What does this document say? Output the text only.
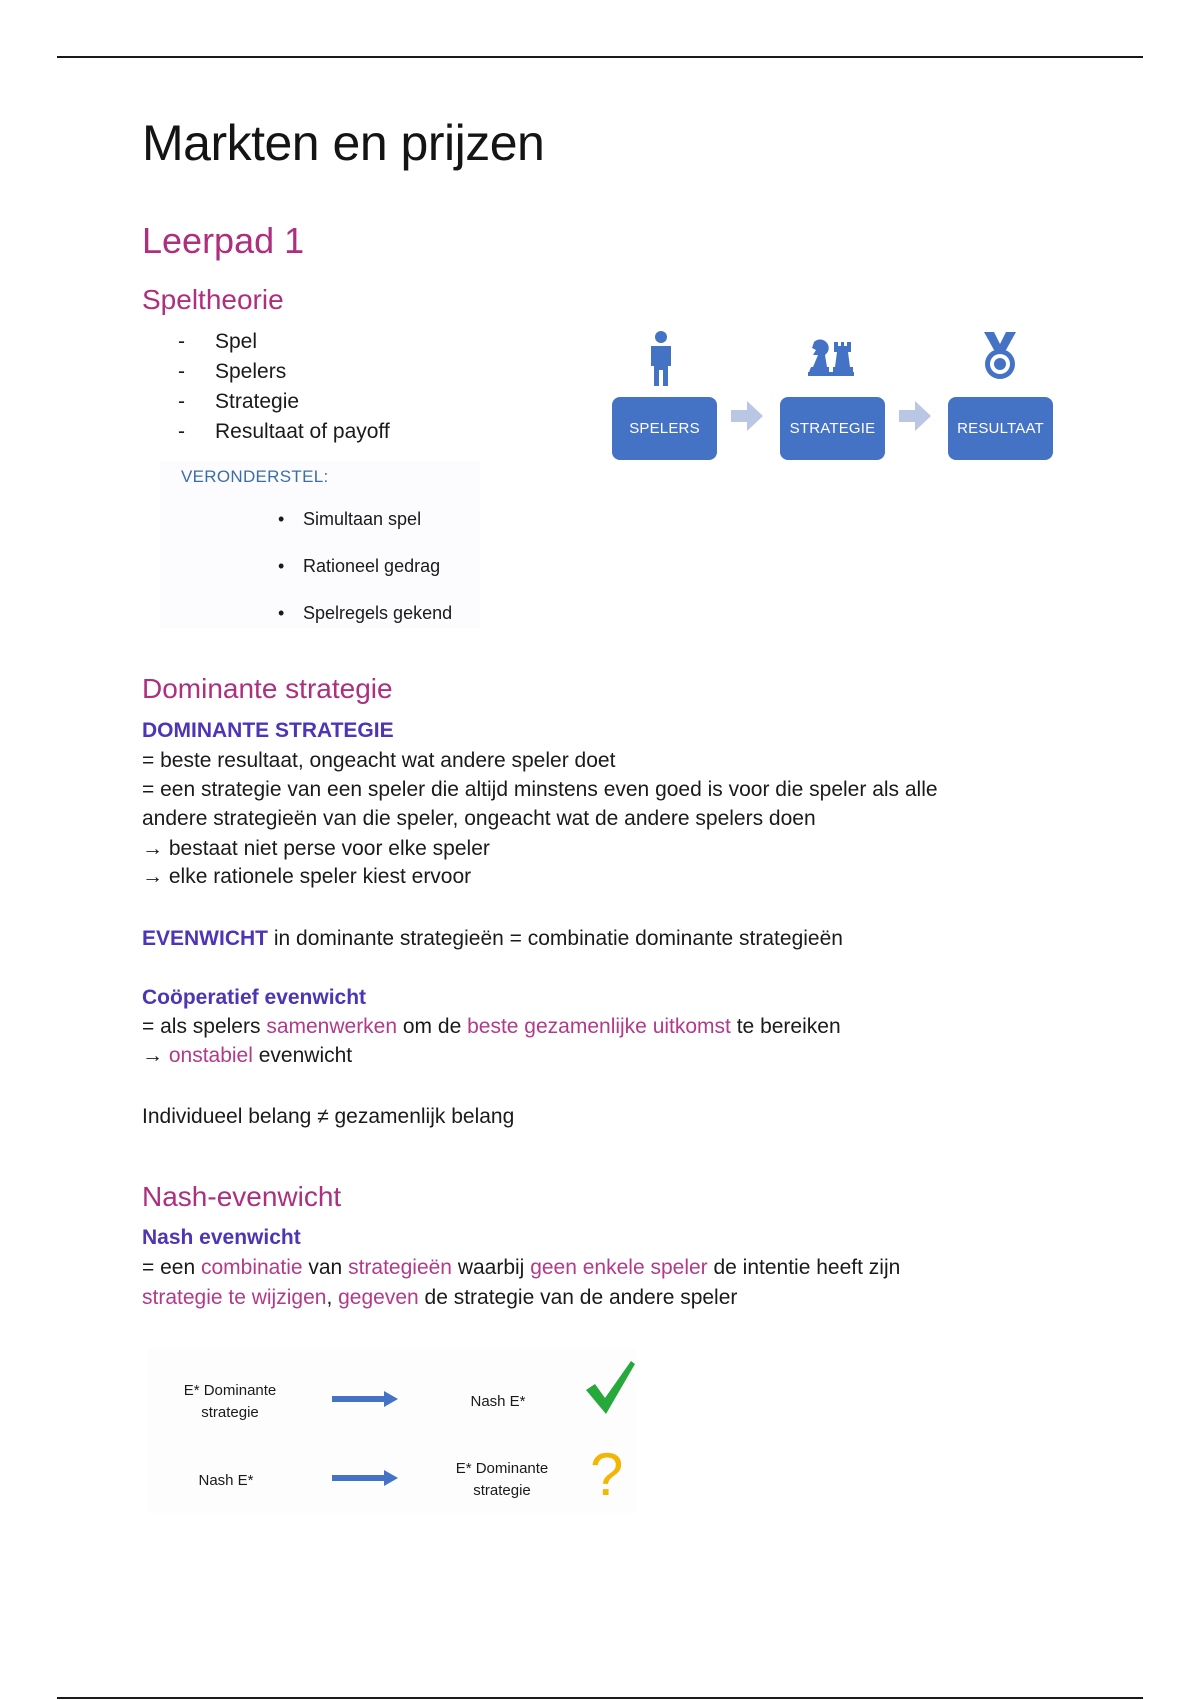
Markten en prijzen
Leerpad 1
Speltheorie
-	Spel
-	Spelers
-	Strategie
-	Resultaat of payoff
VERONDERSTEL:
•	Simultaan spel
•	Rationeel gedrag
•	Spelregels gekend
SPELERS	STRATEGIE	RESULTAAT
Dominante strategie
DOMINANTE STRATEGIE
= beste resultaat, ongeacht wat andere speler doet
= een strategie van een speler die altijd minstens even goed is voor die speler als alle
andere strategieën van die speler, ongeacht wat de andere spelers doen
→ bestaat niet perse voor elke speler
→ elke rationele speler kiest ervoor
EVENWICHT in dominante strategieën = combinatie dominante strategieën
Coöperatief evenwicht
= als spelers samenwerken om de beste gezamenlijke uitkomst te bereiken
→ onstabiel evenwicht
Individueel belang ≠ gezamenlijk belang
Nash-evenwicht
Nash evenwicht
= een combinatie van strategieën waarbij geen enkele speler de intentie heeft zijn
strategie te wijzigen, gegeven de strategie van de andere speler
E* Dominante
strategie
Nash E*
Nash E*
E* Dominante
strategie ?
